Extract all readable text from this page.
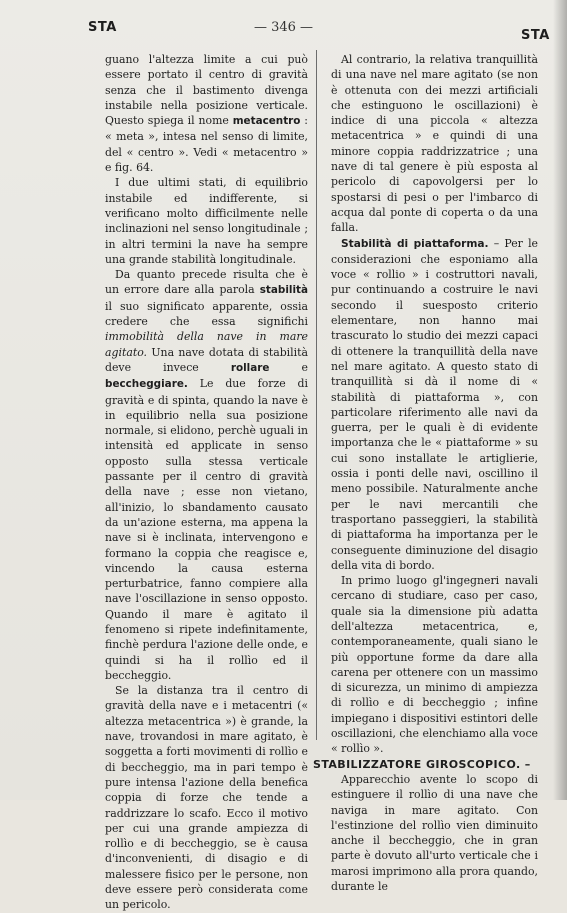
STA	— 346 —
STA

guano l'altezza limite a cui può essere portato il centro di gravità senza che il bastimento divenga instabile nella posizione verticale. Questo spiega il nome metacentro : « meta », intesa nel senso di limite, del « centro ». Vedi « metacentro » e fig. 64.

I due ultimi stati, di equilibrio instabile ed indifferente, si verificano molto difficilmente nelle inclinazioni nel senso longitudinale ; in altri termini la nave ha sempre una grande stabilità longitudinale.

Da quanto precede risulta che è un errore dare alla parola stabilità il suo significato apparente, ossia credere che essa significhi immobilità della nave in mare agitato. Una nave dotata di stabilità deve invece rollare e beccheggiare. Le due forze di gravità e di spinta, quando la nave è in equilibrio nella sua posizione normale, si elidono, perchè uguali in intensità ed applicate in senso opposto sulla stessa verticale passante per il centro di gravità della nave ; esse non vietano, all'inizio, lo sbandamento causato da un'azione esterna, ma appena la nave si è inclinata, intervengono e formano la coppia che reagisce e, vincendo la causa esterna perturbatrice, fanno compiere alla nave l'oscillazione in senso opposto. Quando il mare è agitato il fenomeno si ripete indefinitamente, finchè perdura l'azione delle onde, e quindi si ha il rollìo ed il beccheggio.

Se la distanza tra il centro di gravità della nave e i metacentri (« altezza metacentrica ») è grande, la nave, trovandosi in mare agitato, è soggetta a forti movimenti di rollìo e di beccheggio, ma in pari tempo è pure intensa l'azione della benefica coppia di forze che tende a raddrizzare lo scafo. Ecco il motivo per cui una grande ampiezza di rollìo e di beccheggio, se è causa d'inconvenienti, di disagio e di malessere fisico per le persone, non deve essere però considerata come un pericolo.

Al contrario, la relativa tranquillità di una nave nel mare agitato (se non è ottenuta con dei mezzi artificiali che estinguono le oscillazioni) è indice di una piccola « altezza metacentrica » e quindi di una minore coppia raddrizzatrice ; una nave di tal genere è più esposta al pericolo di capovolgersi per lo spostarsi di pesi o per l'imbarco di acqua dal ponte di coperta o da una falla.

Stabilità di piattaforma. – Per le considerazioni che esponiamo alla voce « rollio » i costruttori navali, pur continuando a costruire le navi secondo il suesposto criterio elementare, non hanno mai trascurato lo studio dei mezzi capaci di ottenere la tranquillità della nave nel mare agitato. A questo stato di tranquillità si dà il nome di « stabilità di piattaforma », con particolare riferimento alle navi da guerra, per le quali è di evidente importanza che le « piattaforme » su cui sono installate le artiglierie, ossia i ponti delle navi, oscillino il meno possibile. Naturalmente anche per le navi mercantili che trasportano passeggieri, la stabilità di piattaforma ha importanza per le conseguente diminuzione del disagio della vita di bordo.

In primo luogo gl'ingegneri navali cercano di studiare, caso per caso, quale sia la dimensione più adatta dell'altezza metacentrica, e, contemporaneamente, quali siano le più opportune forme da dare alla carena per ottenere con un massimo di sicurezza, un minimo di ampiezza di rollìo e di beccheggio ; infine impiegano i dispositivi estintori delle oscillazioni, che elenchiamo alla voce « rollìo ».

STABILIZZATORE GIROSCOPICO. –

Apparecchio avente lo scopo di estinguere il rollìo di una nave che naviga in mare agitato. Con l'estinzione del rollìo vien diminuito anche il beccheggio, che in gran parte è dovuto all'urto verticale che i marosi imprimono alla prora quando, durante le
